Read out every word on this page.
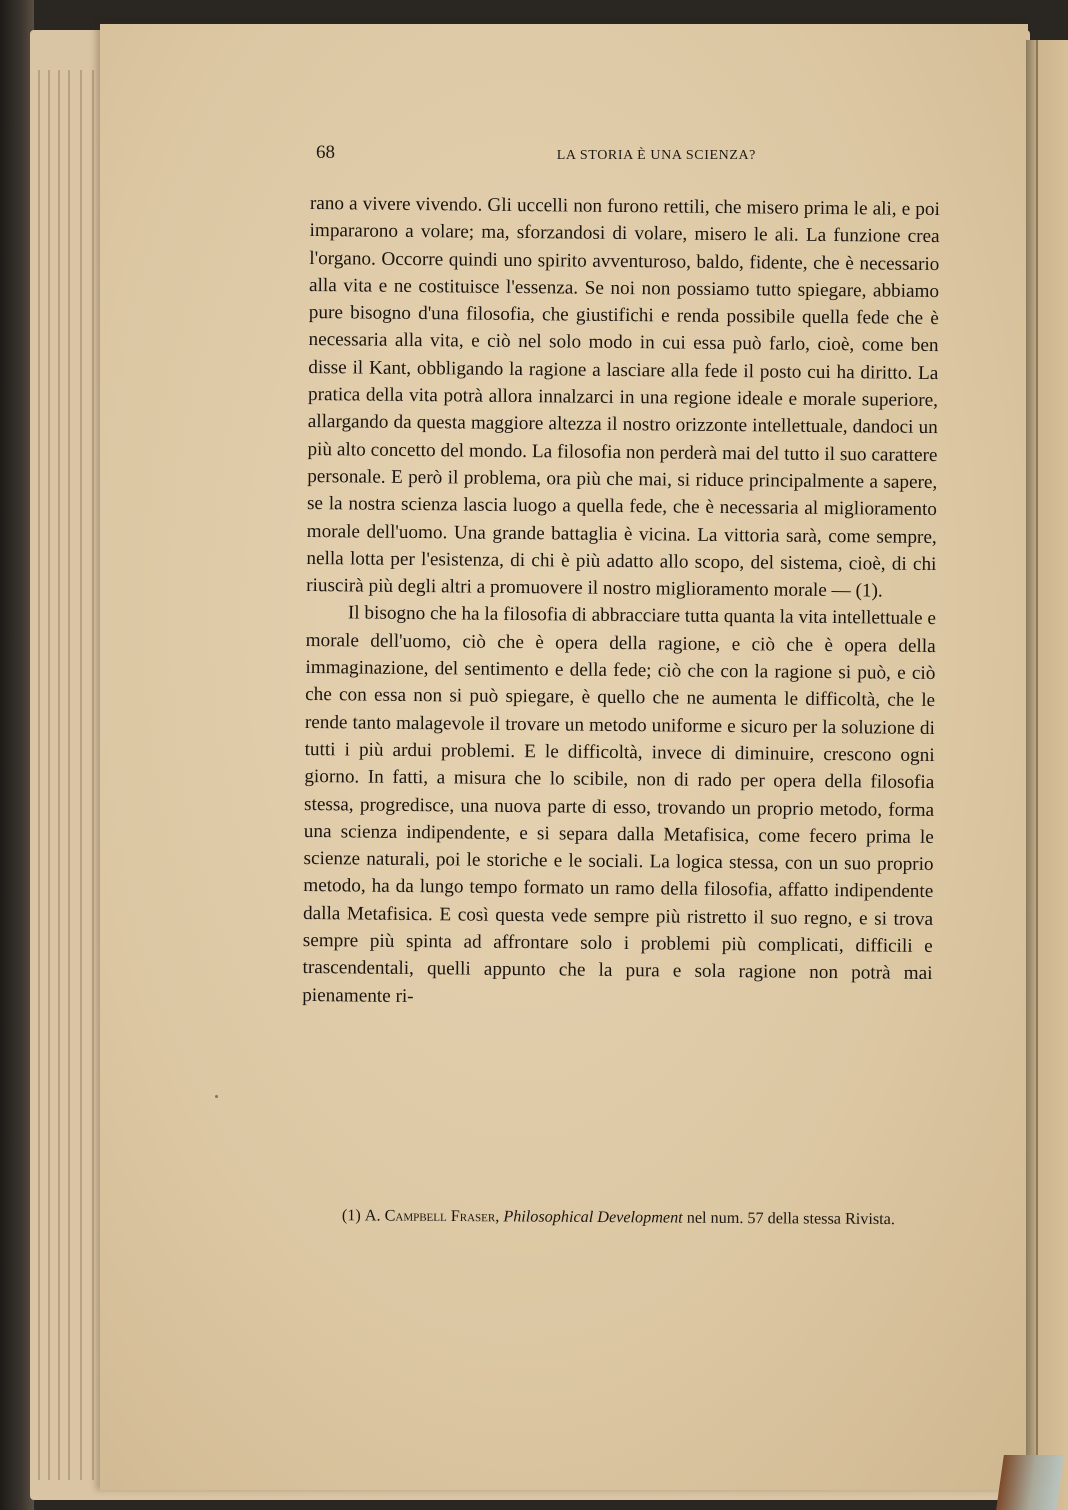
68	LA STORIA È UNA SCIENZA?

rano a vivere vivendo. Gli uccelli non furono rettili, che misero prima le ali, e poi impararono a volare; ma, sforzandosi di volare, misero le ali. La funzione crea l'organo. Occorre quindi uno spirito avventuroso, baldo, fidente, che è necessario alla vita e ne costituisce l'essenza. Se noi non possiamo tutto spiegare, abbiamo pure bisogno d'una filosofia, che giustifichi e renda possibile quella fede che è necessaria alla vita, e ciò nel solo modo in cui essa può farlo, cioè, come ben disse il Kant, obbligando la ragione a lasciare alla fede il posto cui ha diritto. La pratica della vita potrà allora innalzarci in una regione ideale e morale superiore, allargando da questa maggiore altezza il nostro orizzonte intellettuale, dandoci un più alto concetto del mondo. La filosofia non perderà mai del tutto il suo carattere personale. E però il problema, ora più che mai, si riduce principalmente a sapere, se la nostra scienza lascia luogo a quella fede, che è necessaria al miglioramento morale dell'uomo. Una grande battaglia è vicina. La vittoria sarà, come sempre, nella lotta per l'esistenza, di chi è più adatto allo scopo, del sistema, cioè, di chi riuscirà più degli altri a promuovere il nostro miglioramento morale — (1).

Il bisogno che ha la filosofia di abbracciare tutta quanta la vita intellettuale e morale dell'uomo, ciò che è opera della ragione, e ciò che è opera della immaginazione, del sentimento e della fede; ciò che con la ragione si può, e ciò che con essa non si può spiegare, è quello che ne aumenta le difficoltà, che le rende tanto malagevole il trovare un metodo uniforme e sicuro per la soluzione di tutti i più ardui problemi. E le difficoltà, invece di diminuire, crescono ogni giorno. In fatti, a misura che lo scibile, non di rado per opera della filosofia stessa, progredisce, una nuova parte di esso, trovando un proprio metodo, forma una scienza indipendente, e si separa dalla Metafisica, come fecero prima le scienze naturali, poi le storiche e le sociali. La logica stessa, con un suo proprio metodo, ha da lungo tempo formato un ramo della filosofia, affatto indipendente dalla Metafisica. E così questa vede sempre più ristretto il suo regno, e si trova sempre più spinta ad affrontare solo i problemi più complicati, difficili e trascendentali, quelli appunto che la pura e sola ragione non potrà mai pienamente ri-

(1) A. Campbell Fraser, Philosophical Development nel num. 57 della stessa Rivista.
